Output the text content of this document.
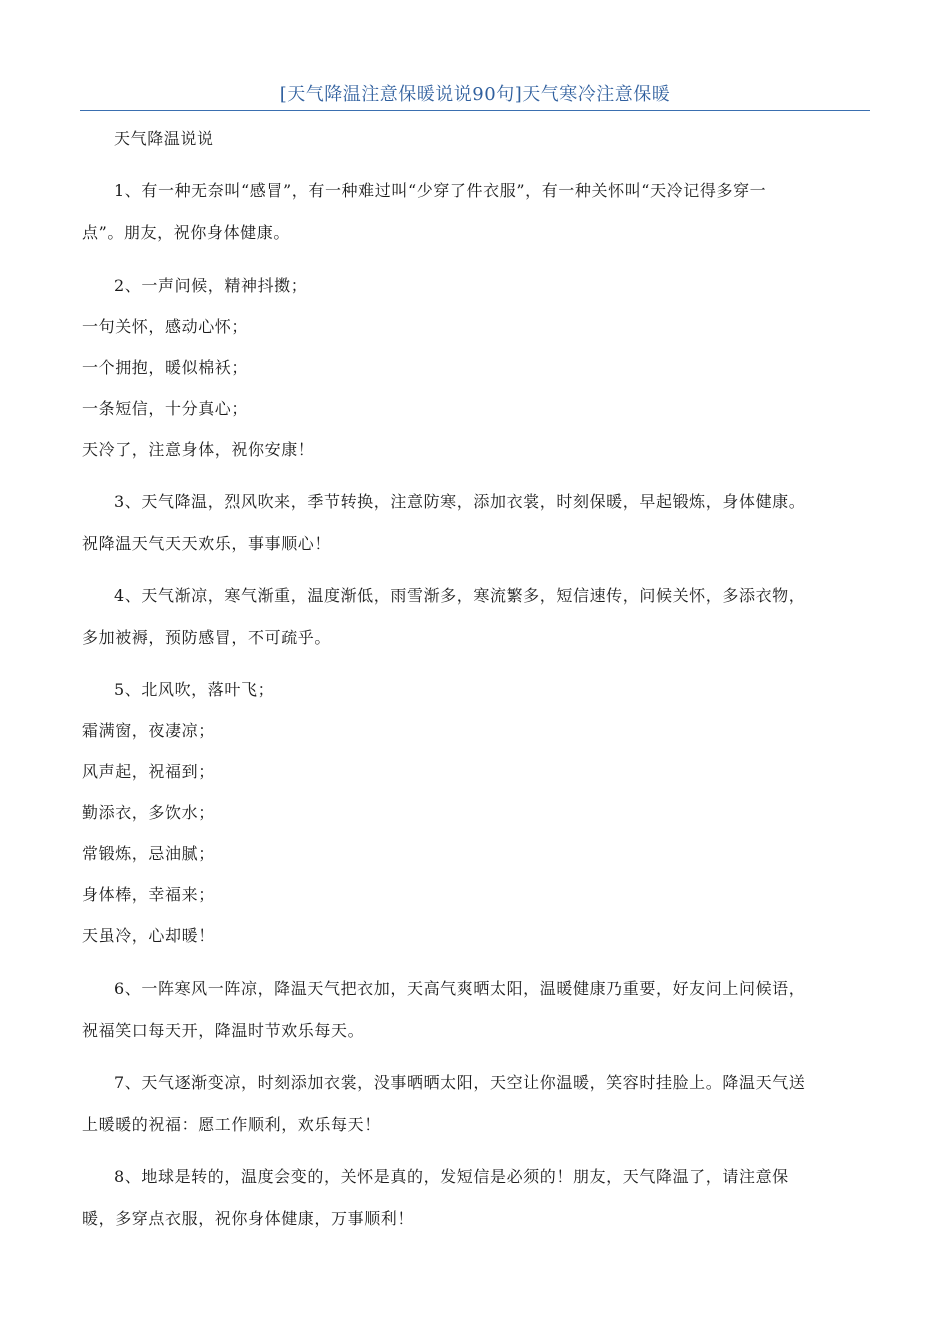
[天气降温注意保暖说说90句]天气寒冷注意保暖
天气降温说说
1、有一种无奈叫“感冒”，有一种难过叫“少穿了件衣服”，有一种关怀叫“天冷记得多穿一
点”。朋友，祝你身体健康。
2、一声问候，精神抖擞；
一句关怀，感动心怀；
一个拥抱，暖似棉袄；
一条短信，十分真心；
天冷了，注意身体，祝你安康！
3、天气降温，烈风吹来，季节转换，注意防寒，添加衣裳，时刻保暖，早起锻炼，身体健康。
祝降温天气天天欢乐，事事顺心！
4、天气渐凉，寒气渐重，温度渐低，雨雪渐多，寒流繁多，短信速传，问候关怀，多添衣物，
多加被褥，预防感冒，不可疏乎。
5、北风吹，落叶飞；
霜满窗，夜凄凉；
风声起，祝福到；
勤添衣，多饮水；
常锻炼，忌油腻；
身体棒，幸福来；
天虽冷，心却暖！
6、一阵寒风一阵凉，降温天气把衣加，天高气爽晒太阳，温暖健康乃重要，好友问上问候语，
祝福笑口每天开，降温时节欢乐每天。
7、天气逐渐变凉，时刻添加衣裳，没事晒晒太阳，天空让你温暖，笑容时挂脸上。降温天气送
上暖暖的祝福：愿工作顺利，欢乐每天！
8、地球是转的，温度会变的，关怀是真的，发短信是必须的！朋友，天气降温了，请注意保
暖，多穿点衣服，祝你身体健康，万事顺利！
